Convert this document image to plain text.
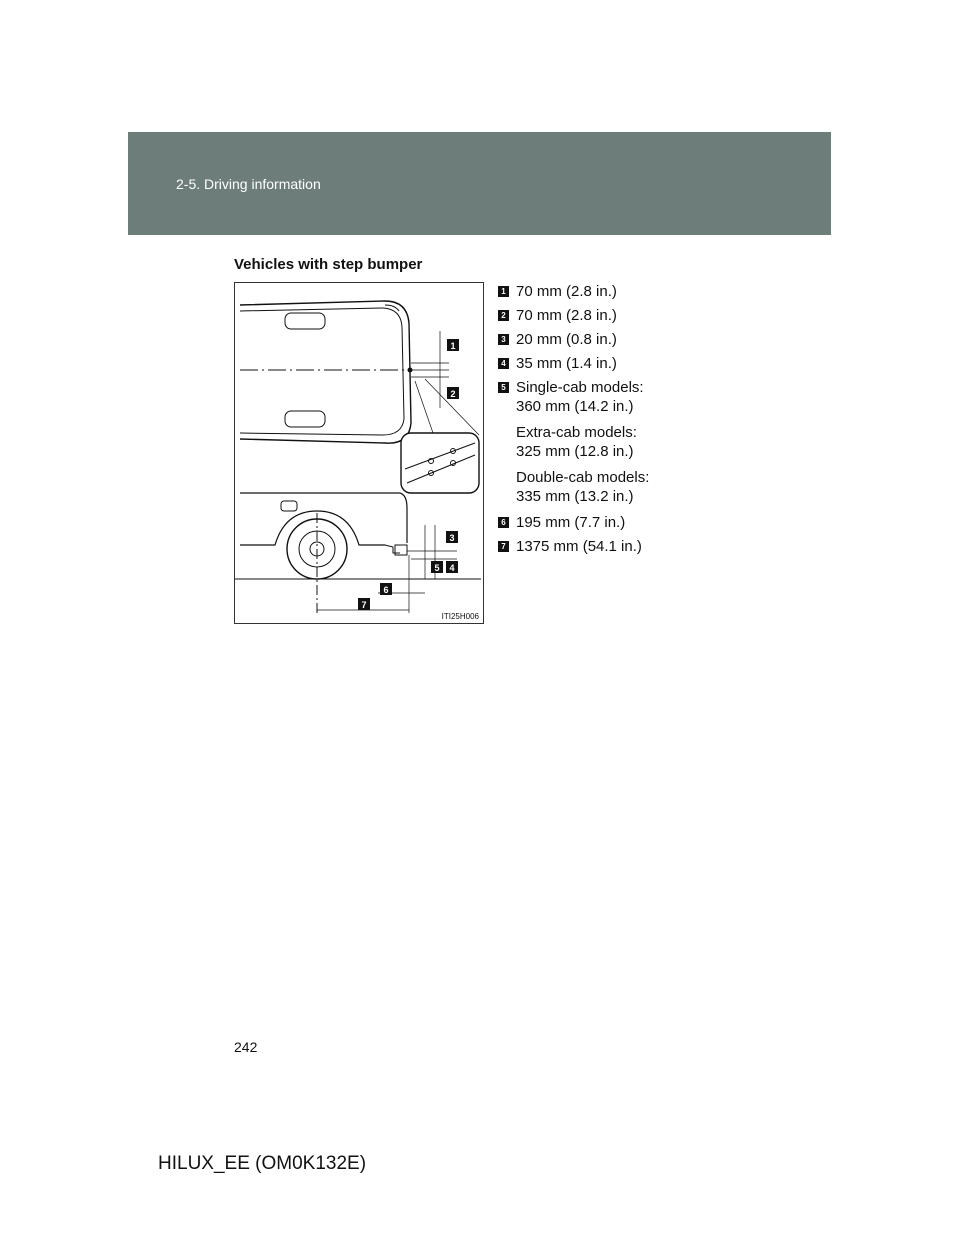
2-5. Driving information
Vehicles with step bumper
1
2
3
4
5
6
7
ITI25H006
1 70 mm (2.8 in.)
2 70 mm (2.8 in.)
3 20 mm (0.8 in.)
4 35 mm (1.4 in.)
5 Single-cab models:
360 mm (14.2 in.)
Extra-cab models:
325 mm (12.8 in.)
Double-cab models:
335 mm (13.2 in.)
6 195 mm (7.7 in.)
7 1375 mm (54.1 in.)
242
HILUX_EE (OM0K132E)
